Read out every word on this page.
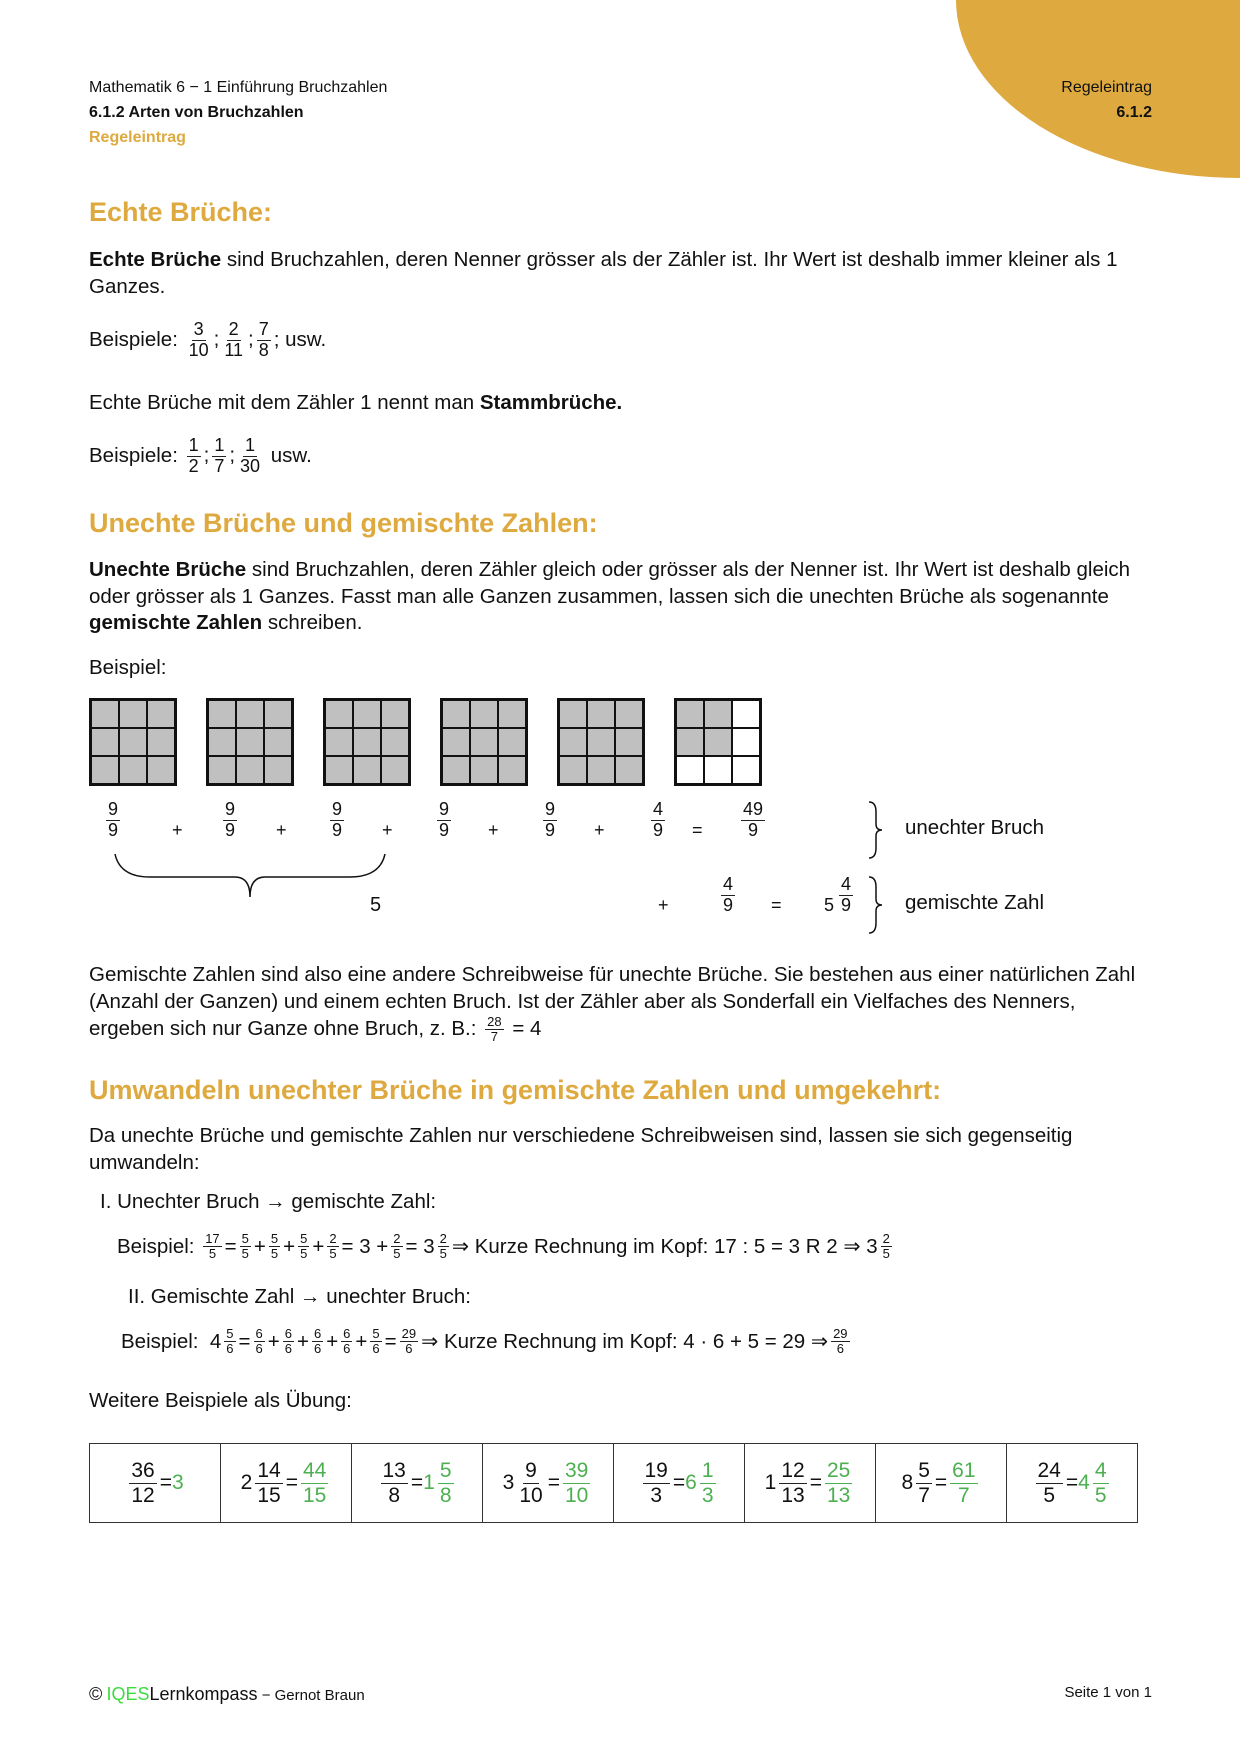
Mathematik 6 − 1 Einführung Bruchzahlen
6.1.2 Arten von Bruchzahlen
Regeleintrag
Regeleintrag
6.1.2
Echte Brüche:
Echte Brüche sind Bruchzahlen, deren Nenner grösser als der Zähler ist. Ihr Wert ist deshalb immer kleiner als 1 Ganzes.
Beispiele:
$\frac{3}{10}$ ; $\frac{2}{11}$ ; $\frac{7}{8}$ ; usw.
Echte Brüche mit dem Zähler 1 nennt man Stammbrüche.
Beispiele:
$\frac{1}{2}$ ; $\frac{1}{7}$ ; $\frac{1}{30}$
usw.
Unechte Brüche und gemischte Zahlen:
Unechte Brüche sind Bruchzahlen, deren Zähler gleich oder grösser als der Nenner ist. Ihr Wert ist deshalb gleich oder grösser als 1 Ganzes. Fasst man alle Ganzen zusammen, lassen sich die unechten Brüche als sogenannte gemischte Zahlen schreiben.
Beispiel:
$\frac{9}{9}$	$\frac{9}{9}$	$\frac{9}{9}$	$\frac{9}{9}$	$\frac{9}{9}$	$\frac{4}{9}$
+	+	+	+	+	= $\frac{49}{9}$	unechter Bruch
5	+	$\frac{4}{9} = 5 \frac{4}{9}$	gemischte Zahl
Gemischte Zahlen sind also eine andere Schreibweise für unechte Brüche. Sie bestehen aus einer natürlichen Zahl (Anzahl der Ganzen) und einem echten Bruch. Ist der Zähler aber als Sonderfall ein Vielfaches des Nenners, ergeben sich nur Ganze ohne Bruch, z. B.: $\frac{28}{7} = 4$
Umwandeln unechter Brüche in gemischte Zahlen und umgekehrt:
Da unechte Brüche und gemischte Zahlen nur verschiedene Schreibweisen sind, lassen sie sich gegenseitig umwandeln:
I. Unechter Bruch → gemischte Zahl:
Beispiel:
$\frac{17}{5} = \frac{5}{5} + \frac{5}{5} + \frac{5}{5} + \frac{2}{5} = 3 + \frac{2}{5} = 3 \frac{2}{5}$ ⇒ Kurze Rechnung im Kopf: 17 : 5 = 3 R 2 ⇒ $3 \frac{2}{5}$
II. Gemischte Zahl → unechter Bruch:
Beispiel: $4 \frac{5}{6} = \frac{6}{6} + \frac{6}{6} + \frac{6}{6} + \frac{6}{6} + \frac{5}{6} = \frac{29}{6}$ ⇒ Kurze Rechnung im Kopf: 4 · 6 + 5 = 29 ⇒ $\frac{29}{6}$
Weitere Beispiele als Übung:
$\frac{36}{12} = 3$	$2 \frac{14}{15} = \frac{44}{15}$	$\frac{13}{8} = 1 \frac{5}{8}$	$3 \frac{9}{10} = \frac{39}{10}$	$\frac{19}{3} = 6 \frac{1}{3}$	$1 \frac{12}{13} = \frac{25}{13}$	$8 \frac{5}{7} = \frac{61}{7}$	$\frac{24}{5} = 4 \frac{4}{5}$
© IQESLernkompass − Gernot Braun	Seite 1 von 1
